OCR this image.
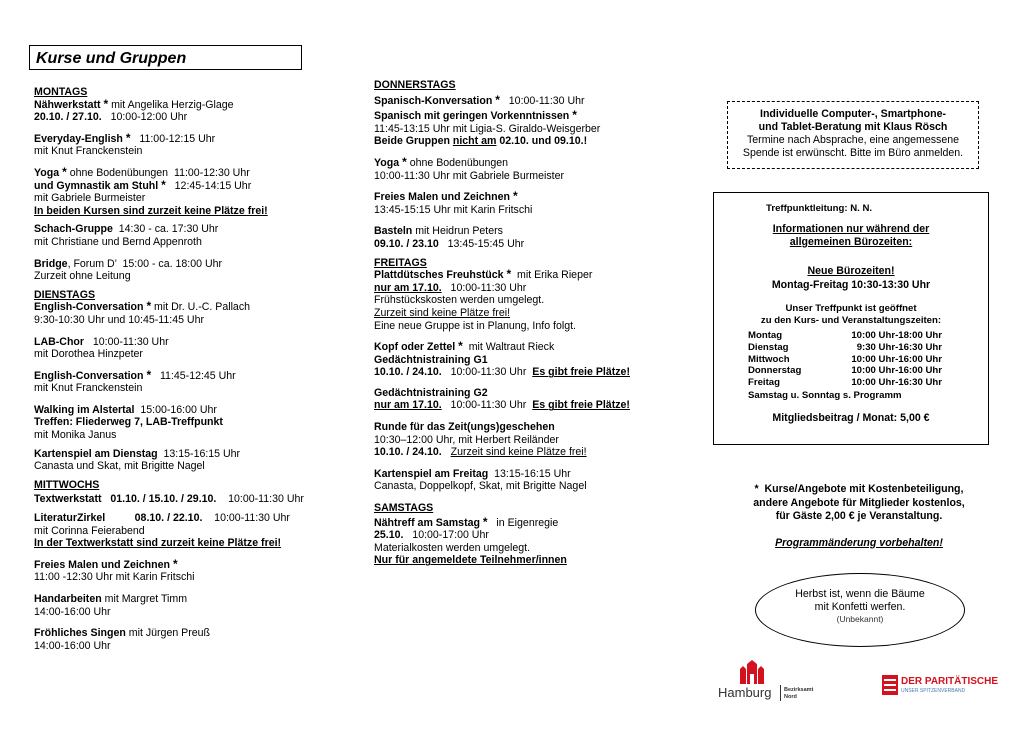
Kurse und Gruppen
MONTAGS
Nähwerkstatt * mit Angelika Herzig-Glage
20.10. / 27.10.   10:00-12:00 Uhr
Everyday-English *   11:00-12:15 Uhr
mit Knut Franckenstein
Yoga * ohne Bodenübungen  11:00-12:30 Uhr
und Gymnastik am Stuhl *   12:45-14:15 Uhr
mit Gabriele Burmeister
In beiden Kursen sind zurzeit keine Plätze frei!
Schach-Gruppe  14:30 - ca. 17:30 Uhr
mit Christiane und Bernd Appenroth
Bridge, Forum D’  15:00 - ca. 18:00 Uhr
Zurzeit ohne Leitung
DIENSTAGS
English-Conversation * mit Dr. U.-C. Pallach
9:30-10:30 Uhr und 10:45-11:45 Uhr
LAB-Chor   10:00-11:30 Uhr
mit Dorothea Hinzpeter
English-Conversation *   11:45-12:45 Uhr
mit Knut Franckenstein
Walking im Alstertal  15:00-16:00 Uhr
Treffen: Fliederweg 7, LAB-Treffpunkt
mit Monika Janus
Kartenspiel am Dienstag  13:15-16:15 Uhr
Canasta und Skat, mit Brigitte Nagel
MITTWOCHS
Textwerkstatt   01.10. / 15.10. / 29.10.    10:00-11:30 Uhr
LiteraturZirkel          08.10. / 22.10.    10:00-11:30 Uhr
mit Corinna Feierabend
In der Textwerkstatt sind zurzeit keine Plätze frei!
Freies Malen und Zeichnen *
11:00 -12:30 Uhr mit Karin Fritschi
Handarbeiten mit Margret Timm
14:00-16:00 Uhr
Fröhliches Singen mit Jürgen Preuß
14:00-16:00 Uhr
DONNERSTAGS
Spanisch-Konversation *   10:00-11:30 Uhr
Spanisch mit geringen Vorkenntnissen *
11:45-13:15 Uhr mit Ligia-S. Giraldo-Weisgerber
Beide Gruppen nicht am 02.10. und 09.10.!
Yoga * ohne Bodenübungen
10:00-11:30 Uhr mit Gabriele Burmeister
Freies Malen und Zeichnen *
13:45-15:15 Uhr mit Karin Fritschi
Basteln mit Heidrun Peters
09.10. / 23.10   13:45-15:45 Uhr
FREITAGS
Plattdütsches Freuhstück *  mit Erika Rieper
nur am 17.10.   10:00-11:30 Uhr
Frühstückskosten werden umgelegt.
Zurzeit sind keine Plätze frei!
Eine neue Gruppe ist in Planung, Info folgt.
Kopf oder Zettel *  mit Waltraut Rieck
Gedächtnistraining G1
10.10. / 24.10.   10:00-11:30 Uhr  Es gibt freie Plätze!
Gedächtnistraining G2
nur am 17.10.   10:00-11:30 Uhr  Es gibt freie Plätze!
Runde für das Zeit(ungs)geschehen
10:30–12:00 Uhr, mit Herbert Reiländer
10.10. / 24.10. Zurzeit sind keine Plätze frei!
Kartenspiel am Freitag  13:15-16:15 Uhr
Canasta, Doppelkopf, Skat, mit Brigitte Nagel
SAMSTAGS
Nähtreff am Samstag *   in Eigenregie
25.10.   10:00-17:00 Uhr
Materialkosten werden umgelegt.
Nur für angemeldete Teilnehmer/innen
Individuelle Computer-, Smartphone-
und Tablet-Beratung mit Klaus Rösch
Termine nach Absprache, eine angemessene
Spende ist erwünscht. Bitte im Büro anmelden.
Treffpunktleitung: N. N.
Informationen nur während der
allgemeinen Bürozeiten:
Neue Bürozeiten!
Montag-Freitag 10:30-13:30 Uhr
Unser Treffpunkt ist geöffnet
zu den Kurs- und Veranstaltungszeiten:
Montag	10:00 Uhr-18:00 Uhr
Dienstag	9:30 Uhr-16:30 Uhr
Mittwoch	10:00 Uhr-16:00 Uhr
Donnerstag	10:00 Uhr-16:00 Uhr
Freitag	10:00 Uhr-16:30 Uhr
Samstag u. Sonntag s. Programm
Mitgliedsbeitrag / Monat: 5,00 €
*  Kurse/Angebote mit Kostenbeteiligung,
andere Angebote für Mitglieder kostenlos,
für Gäste 2,00 € je Veranstaltung.
Programmänderung vorbehalten!
Herbst ist, wenn die Bäume
mit Konfetti werfen.
(Unbekannt)
Hamburg Bezirksamt
Nord
DER PARITÄTISCHE
UNSER SPITZENVERBAND
